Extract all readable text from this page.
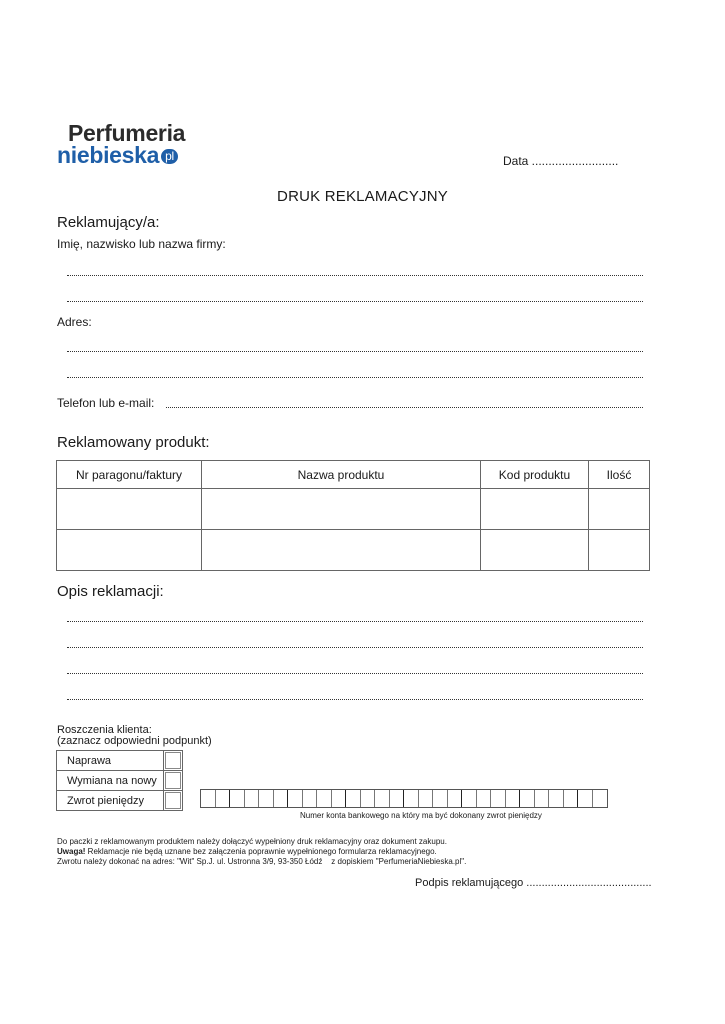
Perfumeria
niebieska pl	Data ..........................
DRUK REKLAMACYJNY
Reklamujący/a:
Imię, nazwisko lub nazwa firmy:
Adres:
Telefon lub e-mail:
Reklamowany produkt:
Nr paragonu/faktury	Nazwa produktu	Kod produktu	Ilość

Opis reklamacji:
Roszczenia klienta:
(zaznacz odpowiedni podpunkt)
Naprawa	

Wymiana na nowy	

Zwrot pieniędzy	
Numer konta bankowego na który ma być dokonany zwrot pieniędzy
Do paczki z reklamowanym produktem należy dołączyć wypełniony druk reklamacyjny oraz dokument zakupu.
Uwaga! Reklamacje nie będą uznane bez załączenia poprawnie wypełnionego formularza reklamacyjnego.
Zwrotu należy dokonać na adres: "Wit" Sp.J. ul. Ustronna 3/9, 93-350 Łódź    z dopiskiem "PerfumeriaNiebieska.pl".
Podpis reklamującego .........................................
